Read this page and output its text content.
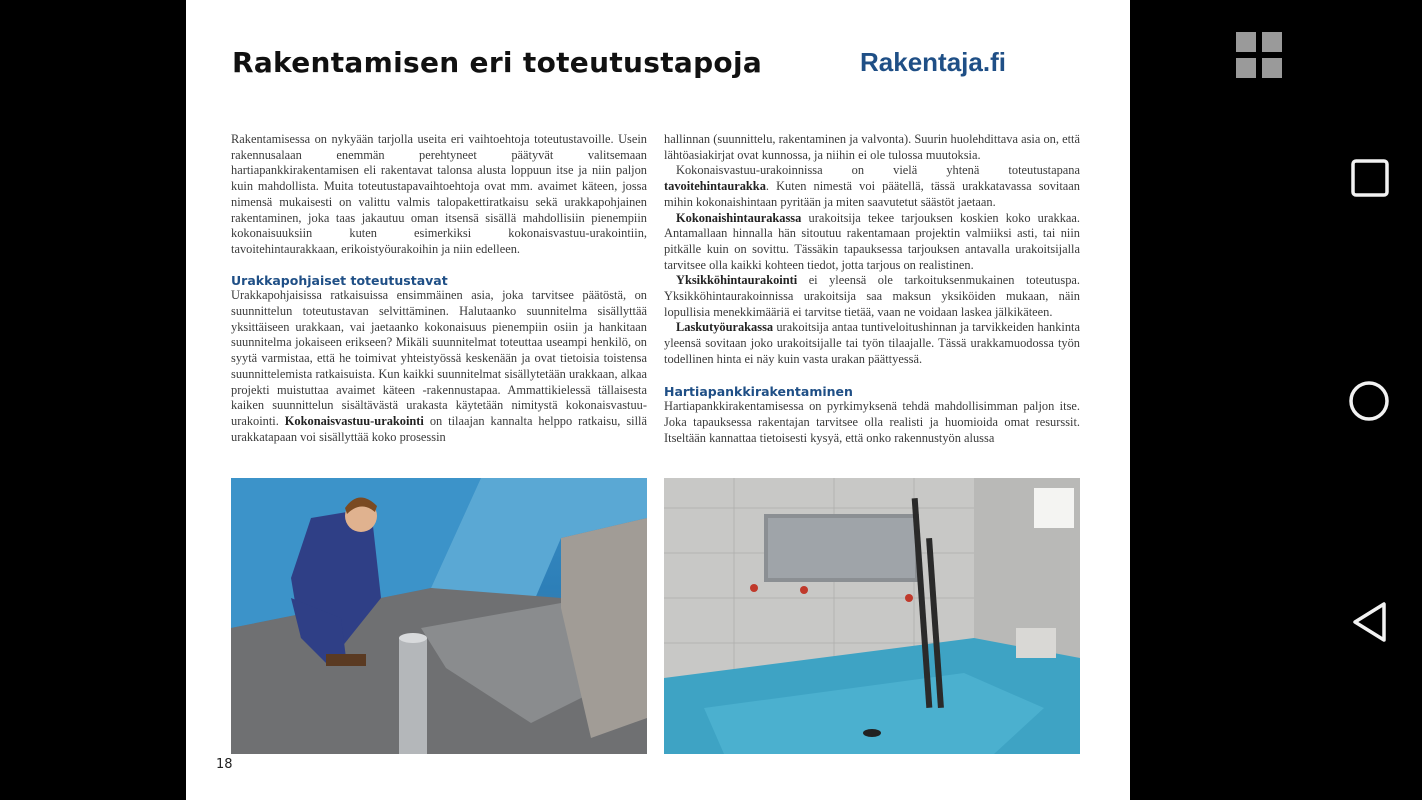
Rakentamisen eri toteutustapoja	Rakentaja.fi

Rakentamisessa on nykyään tarjolla useita eri vaihtoehtoja toteutustavoille. Usein rakennusalaan enemmän perehtyneet päätyvät valitsemaan hartiapankkirakentamisen eli rakentavat talonsa alusta loppuun itse ja niin paljon kuin mahdollista. Muita toteutustapavaihtoehtoja ovat mm. avaimet käteen, jossa nimensä mukaisesti on valittu valmis talopakettiratkaisu sekä urakkapohjainen rakentaminen, joka taas jakautuu oman itsensä sisällä mahdollisiin pienempiin kokonaisuuksiin kuten esimerkiksi kokonaisvastuu-urakointiin, tavoitehintaurakkaan, erikoistyöurakoihin ja niin edelleen.

Urakkapohjaiset toteutustavat

Urakkapohjaisissa ratkaisuissa ensimmäinen asia, joka tarvitsee päätöstä, on suunnittelun toteutustavan selvittäminen. Halutaanko suunnitelma sisällyttää yksittäiseen urakkaan, vai jaetaanko kokonaisuus pienempiin osiin ja hankitaan suunnitelma jokaiseen erikseen? Mikäli suunnitelmat toteuttaa useampi henkilö, on syytä varmistaa, että he toimivat yhteistyössä keskenään ja ovat tietoisia toistensa suunnittelemista ratkaisuista. Kun kaikki suunnitelmat sisällytetään urakkaan, alkaa projekti muistuttaa avaimet käteen -rakennustapaa. Ammattikielessä tällaisesta kaiken suunnittelun sisältävästä urakasta käytetään nimitystä kokonaisvastuu-urakointi. Kokonaisvastuu-urakointi on tilaajan kannalta helppo ratkaisu, sillä urakkatapaan voi sisällyttää koko prosessin

hallinnan (suunnittelu, rakentaminen ja valvonta). Suurin huolehdittava asia on, että lähtöasiakirjat ovat kunnossa, ja niihin ei ole tulossa muutoksia.

Kokonaisvastuu-urakoinnissa on vielä yhtenä toteutustapana tavoitehintaurakka. Kuten nimestä voi päätellä, tässä urakkatavassa sovitaan mihin kokonaishintaan pyritään ja miten saavutetut säästöt jaetaan.

Kokonaishintaurakassa urakoitsija tekee tarjouksen koskien koko urakkaa. Antamallaan hinnalla hän sitoutuu rakentamaan projektin valmiiksi asti, tai niin pitkälle kuin on sovittu. Tässäkin tapauksessa tarjouksen antavalla urakoitsijalla tarvitsee olla kaikki kohteen tiedot, jotta tarjous on realistinen.

Yksikköhintaurakointi ei yleensä ole tarkoituksenmukainen toteutuspa. Yksikköhintaurakoinnissa urakoitsija saa maksun yksiköiden mukaan, näin lopullisia menekkimääriä ei tarvitse tietää, vaan ne voidaan laskea jälkikäteen.

Laskutyöurakassa urakoitsija antaa tuntiveloitushinnan ja tarvikkeiden hankinta yleensä sovitaan joko urakoitsijalle tai työn tilaajalle. Tässä urakkamuodossa työn todellinen hinta ei näy kuin vasta urakan päättyessä.

Hartiapankkirakentaminen

Hartiapankkirakentamisessa on pyrkimyksenä tehdä mahdollisimman paljon itse. Joka tapauksessa rakentajan tarvitsee olla realisti ja huomioida omat resurssit. Itseltään kannattaa tietoisesti kysyä, että onko rakennustyön alussa

18
